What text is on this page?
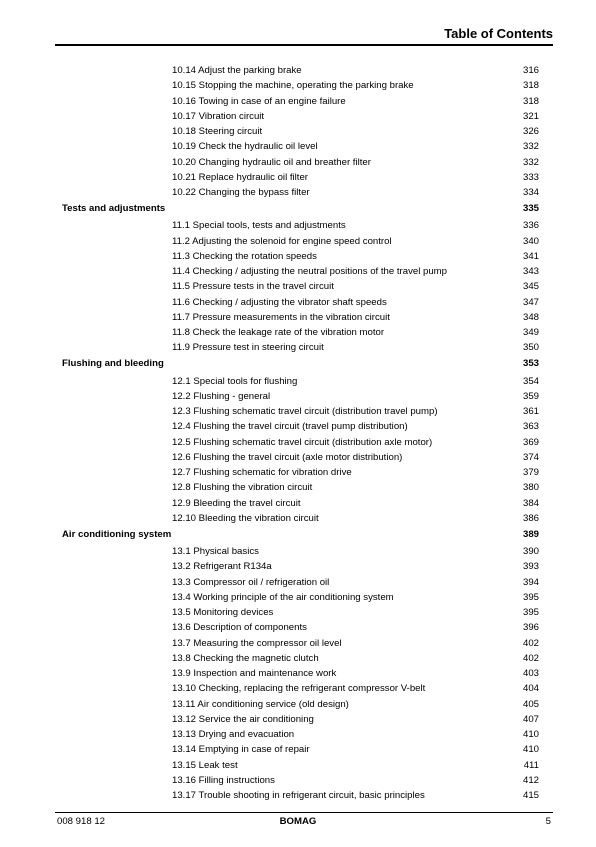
Table of Contents
10.14 Adjust the parking brake	316
10.15 Stopping the machine, operating the parking brake	318
10.16 Towing in case of an engine failure	318
10.17 Vibration circuit	321
10.18 Steering circuit	326
10.19 Check the hydraulic oil level	332
10.20 Changing hydraulic oil and breather filter	332
10.21 Replace hydraulic oil filter	333
10.22 Changing the bypass filter	334
Tests and adjustments	335
11.1 Special tools, tests and adjustments	336
11.2 Adjusting the solenoid for engine speed control	340
11.3 Checking the rotation speeds	341
11.4 Checking / adjusting the neutral positions of the travel pump	343
11.5 Pressure tests in the travel circuit	345
11.6 Checking / adjusting the vibrator shaft speeds	347
11.7 Pressure measurements in the vibration circuit	348
11.8 Check the leakage rate of the vibration motor	349
11.9 Pressure test in steering circuit	350
Flushing and bleeding	353
12.1 Special tools for flushing	354
12.2 Flushing - general	359
12.3 Flushing schematic travel circuit (distribution travel pump)	361
12.4 Flushing the travel circuit (travel pump distribution)	363
12.5 Flushing schematic travel circuit (distribution axle motor)	369
12.6 Flushing the travel circuit (axle motor distribution)	374
12.7 Flushing schematic for vibration drive	379
12.8 Flushing the vibration circuit	380
12.9 Bleeding the travel circuit	384
12.10 Bleeding the vibration circuit	386
Air conditioning system	389
13.1 Physical basics	390
13.2 Refrigerant R134a	393
13.3 Compressor oil / refrigeration oil	394
13.4 Working principle of the air conditioning system	395
13.5 Monitoring devices	395
13.6 Description of components	396
13.7 Measuring the compressor oil level	402
13.8 Checking the magnetic clutch	402
13.9 Inspection and maintenance work	403
13.10 Checking, replacing the refrigerant compressor V-belt	404
13.11 Air conditioning service (old design)	405
13.12 Service the air conditioning	407
13.13 Drying and evacuation	410
13.14 Emptying in case of repair	410
13.15 Leak test	411
13.16 Filling instructions	412
13.17 Trouble shooting in refrigerant circuit, basic principles	415
008 918 12	BOMAG	5
